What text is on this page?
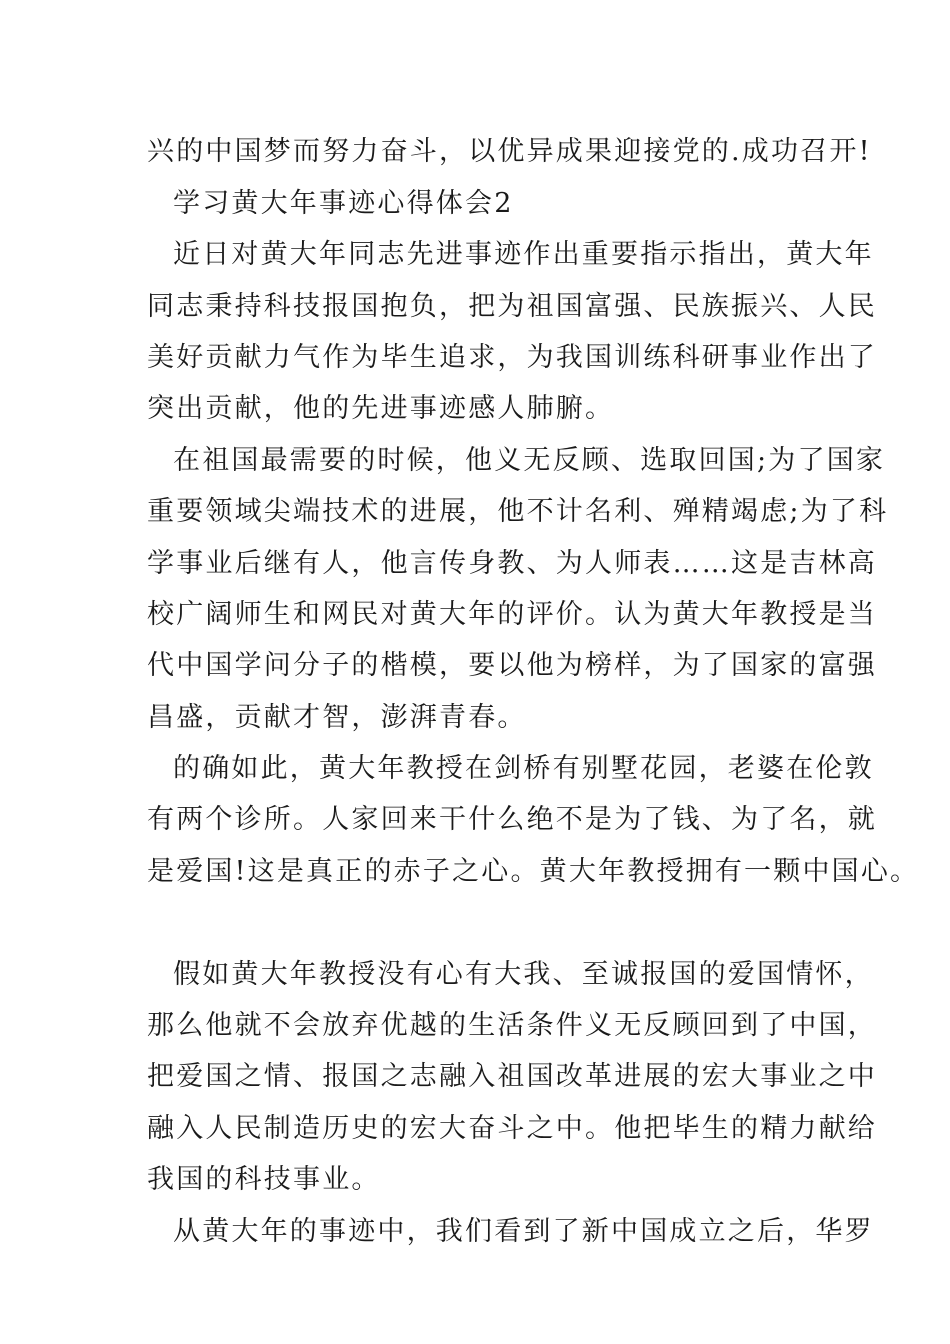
兴的中国梦而努力奋斗，以优异成果迎接党的.成功召开!
学习黄大年事迹心得体会2
近日对黄大年同志先进事迹作出重要指示指出，黄大年
同志秉持科技报国抱负，把为祖国富强、民族振兴、人民
美好贡献力气作为毕生追求，为我国训练科研事业作出了
突出贡献，他的先进事迹感人肺腑。
在祖国最需要的时候，他义无反顾、选取回国;为了国家
重要领域尖端技术的进展，他不计名利、殚精竭虑;为了科
学事业后继有人，他言传身教、为人师表……这是吉林高
校广阔师生和网民对黄大年的评价。认为黄大年教授是当
代中国学问分子的楷模，要以他为榜样，为了国家的富强
昌盛，贡献才智，澎湃青春。
的确如此，黄大年教授在剑桥有别墅花园，老婆在伦敦
有两个诊所。人家回来干什么绝不是为了钱、为了名，就
是爱国!这是真正的赤子之心。黄大年教授拥有一颗中国心。
假如黄大年教授没有心有大我、至诚报国的爱国情怀，
那么他就不会放弃优越的生活条件义无反顾回到了中国，
把爱国之情、报国之志融入祖国改革进展的宏大事业之中
融入人民制造历史的宏大奋斗之中。他把毕生的精力献给
我国的科技事业。
从黄大年的事迹中，我们看到了新中国成立之后，华罗
